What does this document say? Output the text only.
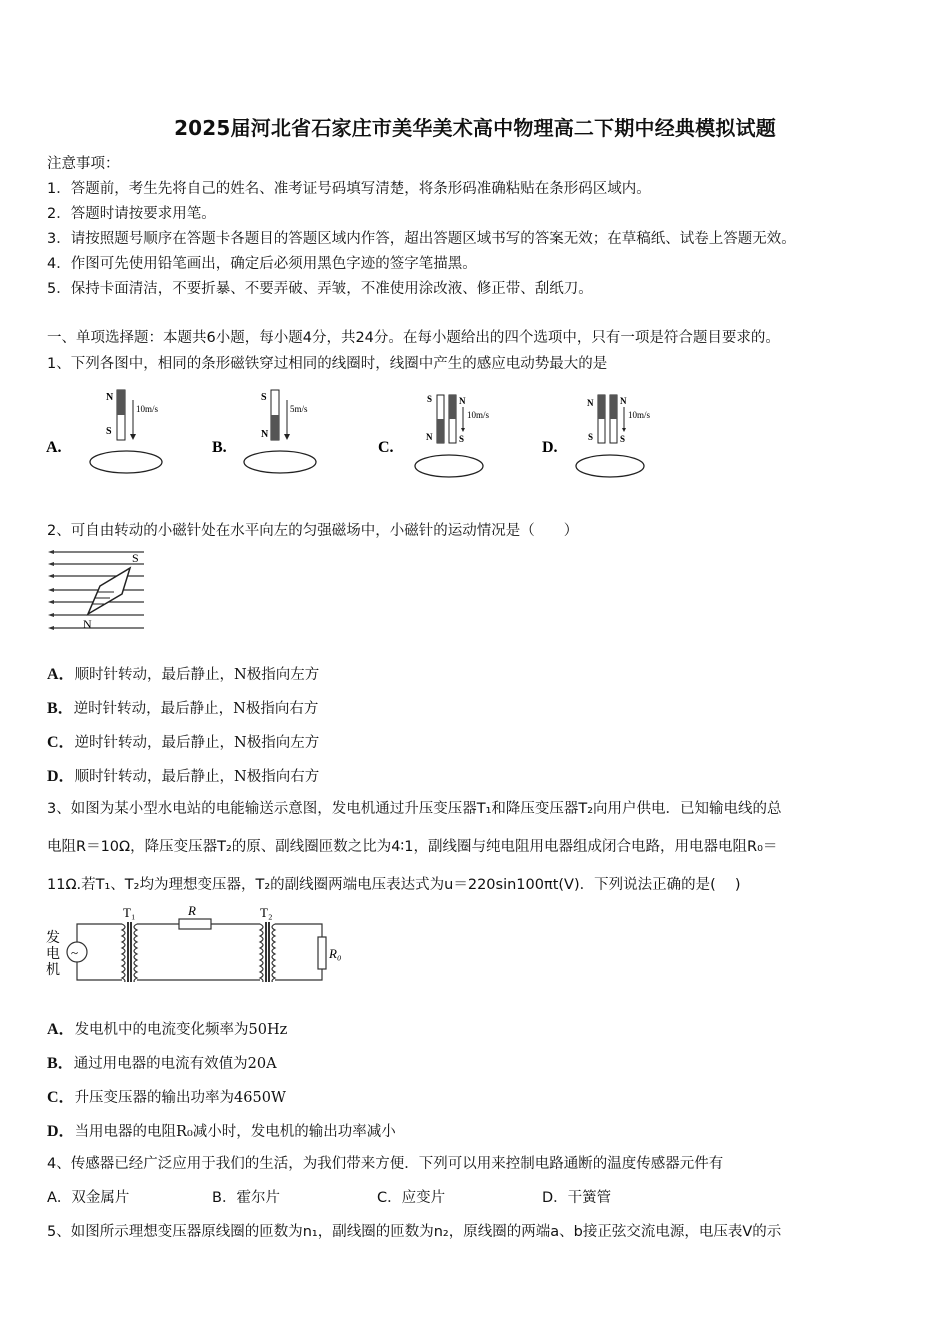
2025届河北省石家庄市美华美术高中物理高二下期中经典模拟试题
注意事项：
1．答题前，考生先将自己的姓名、准考证号码填写清楚，将条形码准确粘贴在条形码区域内。
2．答题时请按要求用笔。
3．请按照题号顺序在答题卡各题目的答题区域内作答，超出答题区域书写的答案无效；在草稿纸、试卷上答题无效。
4．作图可先使用铅笔画出，确定后必须用黑色字迹的签字笔描黑。
5．保持卡面清洁，不要折暴、不要弄破、弄皱，不准使用涂改液、修正带、刮纸刀。
一、单项选择题：本题共6小题，每小题4分，共24分。在每小题给出的四个选项中，只有一项是符合题目要求的。
1、下列各图中，相同的条形磁铁穿过相同的线圈时，线圈中产生的感应电动势最大的是
A.
N
S
10m/s
B.
S
N
5m/s
C.
S
N
N
S
10m/s
D.
N
S
N
S
10m/s
2、可自由转动的小磁针处在水平向左的匀强磁场中，小磁针的运动情况是（　　）
S
N
A．顺时针转动，最后静止，N极指向左方
B．逆时针转动，最后静止，N极指向右方
C．逆时针转动，最后静止，N极指向左方
D．顺时针转动，最后静止，N极指向右方
3、如图为某小型水电站的电能输送示意图，发电机通过升压变压器T₁和降压变压器T₂向用户供电．已知输电线的总
电阻R＝10Ω，降压变压器T₂的原、副线圈匝数之比为4∶1，副线圈与纯电阻用电器组成闭合电路，用电器电阻R₀＝
11Ω.若T₁、T₂均为理想变压器，T₂的副线圈两端电压表达式为u＝220sin100πt(V)．下列说法正确的是(　 )
发
电
机
~
T₁	R	T₂
R₀
A．发电机中的电流变化频率为50Hz
B．通过用电器的电流有效值为20A
C．升压变压器的输出功率为4650W
D．当用电器的电阻R₀减小时，发电机的输出功率减小
4、传感器已经广泛应用于我们的生活，为我们带来方便．下列可以用来控制电路通断的温度传感器元件有
A．双金属片	B．霍尔片	C．应变片	D．干簧管
5、如图所示理想变压器原线圈的匝数为n₁，副线圈的匝数为n₂，原线圈的两端a、b接正弦交流电源，电压表V的示
